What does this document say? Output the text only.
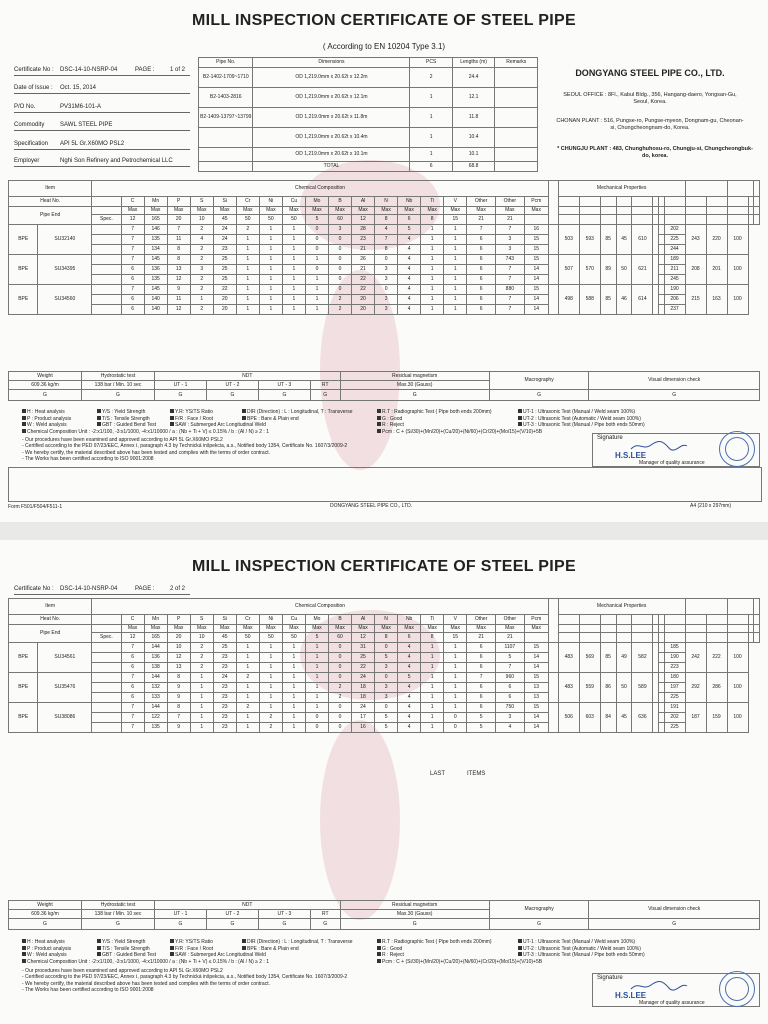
MILL INSPECTION CERTIFICATE OF STEEL PIPE
( According to EN 10204 Type 3.1)
Certificate No : DSC-14-10-NSRP-04	PAGE :	1 of 2
Date of Issue : Oct. 15, 2014
P/O No.	PV31M6-101-A
Commodity	SAWL STEEL PIPE
Specification API 5L Gr.X60MO PSL2
Employer	Nghi Son Refinery and Petrochemical LLC
Pipe No.	Dimensions	PCS	Lengths (m)	Remarks
B2-1402-1709~1710	OD 1,219.0mm x 20.62t x 12.2m	2	24.4	
B2-1403-2816	OD 1,219.0mm x 20.62t x 12.1m	1	12.1	
B2-1409-13797~13799	OD 1,219.0mm x 20.62t x 11.8m	1	11.8	
	OD 1,219.0mm x 20.62t x 10.4m	1	10.4	
	OD 1,219.0mm x 20.62t x 10.1m	1	10.1	
	TOTAL	6	68.8	
DONGYANG STEEL PIPE CO., LTD.
SEOUL OFFICE : 8Fl., Kabul Bldg., 356, Hangang-daero, Yongsan-Gu, Seoul, Korea.
CHONAN PLANT : 516, Pungse-ro, Pungse-myeon, Dongnam-gu, Cheonan-si, Chungcheongnam-do, Korea.
* CHUNGJU PLANT : 483, Chunghuhosu-ro, Chungju-si, Chungcheongbuk-do, korea.
Item		Chemical Composition																				Mechanical Properties												
Heat No.			C	Mn	P	S	Si	Cr	Ni	Cu	Mo	B	Al	N	Nb	Ti	V	Other	Other	Pcm														
Pipe End			Max	Max	Max	Max	Max	Max	Max	Max	Max	Max	Max	Max	Max	Max	Max	Max	Max	Max														
		Spec.	12	165	20	10	45	50	50	50	5	60	12	8	6	8	15	21	21															
BPE	SU32140		7	146	7	2	24	2	1	1	0	3	28	4	5	1	1	7	7	16		503	593	85	45	610			202	243	220	100		
			7	135	11	4	24	1	1	1	0	0	23	7	4	1	1	6	3	15									225					
			7	134	8	2	23	1	1	1	0	0	21	8	4	1	1	6	3	15									244					
BPE	SU34395		7	145	8	2	25	1	1	1	1	0	26	0	4	1	1	6	743	15		507	570	89	50	621			189	208	201	100		
			6	136	13	3	25	1	1	1	0	0	21	3	4	1	1	6	7	14									211					
			6	135	12	2	25	1	1	1	1	0	22	3	4	1	1	6	7	14									245					
BPE	SU34560		7	145	9	2	22	1	1	1	1	0	22	0	4	1	1	6	880	15		498	588	85	46	614			190	215	163	100		
			6	140	11	1	20	1	1	1	1	2	20	3	4	1	1	6	7	14									206					
			6	140	12	2	20	1	1	1	1	2	20	3	4	1	1	6	7	14									237					
Weight	Hydrostatic test	NDT				Residual magnetism	Macrography	Visual dimension check
609.36 kg/m	138 bar / Min. 10 sec	UT - 1	UT - 2	UT - 3	RT	Max.30 (Gauss)		
G	G	G	G	G	G	G	G	G
H : Heat analysis	Y/S : Yield Strength	Y.R: YS/TS Ratio	DIR (Direction) : L : Longitudinal, T : Transverse	R.T : Radiographic Test ( Pipe both ends 200mm)	UT-1 : Ultrasonic Test (Manual / Weld seam 100%)
P : Product analysis	T/S : Tensile Strength	F/R : Face / Root	BPE : Bare & Plain end	G : Good	UT-2 : Ultrasonic Test (Automatic / Weld seam 100%)
W : Weld analysis	GBT : Guided Bend Test	SAW : Submerged Arc Longitudinal Weld	R : Reject	UT-3 : Ultrasonic Test (Manual / Pipe both ends 50mm)
Chemical Composition Unit : -2:x1/100, -3:x1/1000, -4:x1/10000 / a : (Nb + Ti + V) ≤ 0.15% / b : (Al / N) ≥ 2 : 1	Pcm : C + (Si/30)+(Mn/20)+(Cu/20)+(Ni/60)+(Cr/20)+(Mo/15)+(V/10)+5B
- Our procedures have been examined and approved according to API 5L Gr.X60MO PSL2
- Certified according to the PED 97/23/EEC, Annex Ⅰ, paragraph 4.3 by Technická inšpekcia, a.s., Notified body 1354, Certificate No. 1607/3/2009-2
- We hereby certify, the material described above has been tested and complies with the terms of order contract.
- The Works has been certified according to ISO 9001:2008
Signature
H.S.LEE
Manager of quality assurance
Form F501/F504/F511-1	DONGYANG STEEL PIPE CO., LTD.	A4 (210 x 297mm)
MILL INSPECTION CERTIFICATE OF STEEL PIPE
Certificate No : DSC-14-10-NSRP-04	PAGE :	2 of 2
Item		Chemical Composition																				Mechanical Properties												
Heat No.			C	Mn	P	S	Si	Cr	Ni	Cu	Mo	B	Al	N	Nb	Ti	V	Other	Other	Pcm														
Pipe End			Max	Max	Max	Max	Max	Max	Max	Max	Max	Max	Max	Max	Max	Max	Max	Max	Max	Max														
		Spec.	12	165	20	10	45	50	50	50	5	60	12	8	6	8	15	21	21															
BPE	SU34561		7	144	10	2	25	1	1	1	1	0	31	0	4	1	1	6	1107	15		483	569	85	49	582			185	242	222	100		
			6	136	12	2	23	1	1	1	1	0	25	5	4	1	1	6	5	14									190					
			6	138	13	2	23	1	1	1	1	0	22	3	4	1	1	6	7	14									223					
BPE	SU35476		7	144	8	1	24	2	1	1	1	0	24	0	5	1	1	7	960	15		483	559	86	50	589			180	292	286	100		
			6	132	9	1	23	1	1	1	1	2	18	3	4	1	1	6	6	13									197					
			6	133	9	1	23	1	1	1	1	2	18	3	4	1	1	6	6	13									225					
BPE	SU38086		7	144	8	1	23	2	1	1	1	0	24	0	4	1	1	6	750	15		506	603	84	45	636			191	187	159	100		
			7	122	7	1	23	1	2	1	0	0	17	5	4	1	0	5	3	14									202					
			7	135	9	1	23	1	2	1	0	0	16	5	4	1	0	5	4	14									225					
LAST	ITEMS
Weight	Hydrostatic test	NDT				Residual magnetism	Macrography	Visual dimension check
609.36 kg/m	138 bar / Min. 10 sec	UT - 1	UT - 2	UT - 3	RT	Max.30 (Gauss)		
G	G	G	G	G	G	G	G	G
H : Heat analysis	Y/S : Yield Strength	Y.R: YS/TS Ratio	DIR (Direction) : L : Longitudinal, T : Transverse	R.T : Radiographic Test ( Pipe both ends 200mm)	UT-1 : Ultrasonic Test (Manual / Weld seam 100%)
P : Product analysis	T/S : Tensile Strength	F/R : Face / Root	BPE : Bare & Plain end	G : Good	UT-2 : Ultrasonic Test (Automatic / Weld seam 100%)
W : Weld analysis	GBT : Guided Bend Test	SAW : Submerged Arc Longitudinal Weld	R : Reject	UT-3 : Ultrasonic Test (Manual / Pipe both ends 50mm)
Chemical Composition Unit : -2:x1/100, -3:x1/1000, -4:x1/10000 / a : (Nb + Ti + V) ≤ 0.15% / b : (Al / N) ≥ 2 : 1	Pcm : C + (Si/30)+(Mn/20)+(Cu/20)+(Ni/60)+(Cr/20)+(Mo/15)+(V/10)+5B
- Our procedures have been examined and approved according to API 5L Gr.X60MO PSL2
- Certified according to the PED 97/23/EEC, Annex Ⅰ, paragraph 4.3 by Technická inšpekcia, a.s., Notified body 1354, Certificate No. 1607/3/2009-2
- We hereby certify, the material described above has been tested and complies with the terms of order contract.
- The Works has been certified according to ISO 9001:2008
Signature
H.S.LEE
Manager of quality assurance
